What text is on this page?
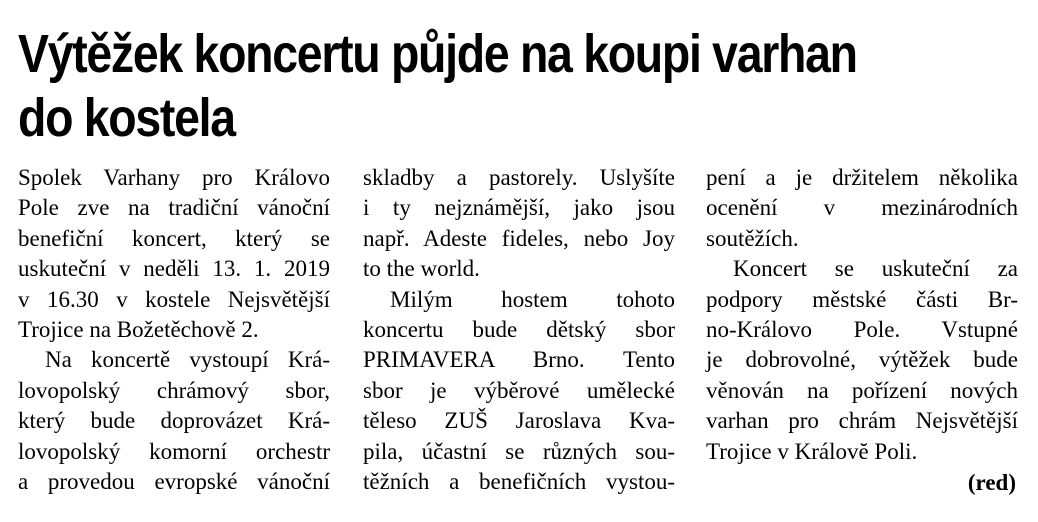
Výtěžek koncertu půjde na koupi varhan
do kostela
Spolek Varhany pro Královo
Pole zve na tradiční vánoční
benefiční koncert, který se
uskuteční v neděli 13. 1. 2019
v 16.30 v kostele Nejsvětější
Trojice na Božetěchově 2.
Na koncertě vystoupí Krá-
lovopolský chrámový sbor,
který bude doprovázet Krá-
lovopolský komorní orchestr
a provedou evropské vánoční
skladby a pastorely. Uslyšíte
i ty nejznámější, jako jsou
např. Adeste fideles, nebo Joy
to the world.
Milým hostem tohoto
koncertu bude dětský sbor
PRIMAVERA Brno. Tento
sbor je výběrové umělecké
těleso ZUŠ Jaroslava Kva-
pila, účastní se různých sou-
těžních a benefičních vystou-
pení a je držitelem několika
ocenění v mezinárodních
soutěžích.
Koncert se uskuteční za
podpory městské části Br-
no-Královo Pole. Vstupné
je dobrovolné, výtěžek bude
věnován na pořízení nových
varhan pro chrám Nejsvětější
Trojice v Královĕ Poli.
(red)
